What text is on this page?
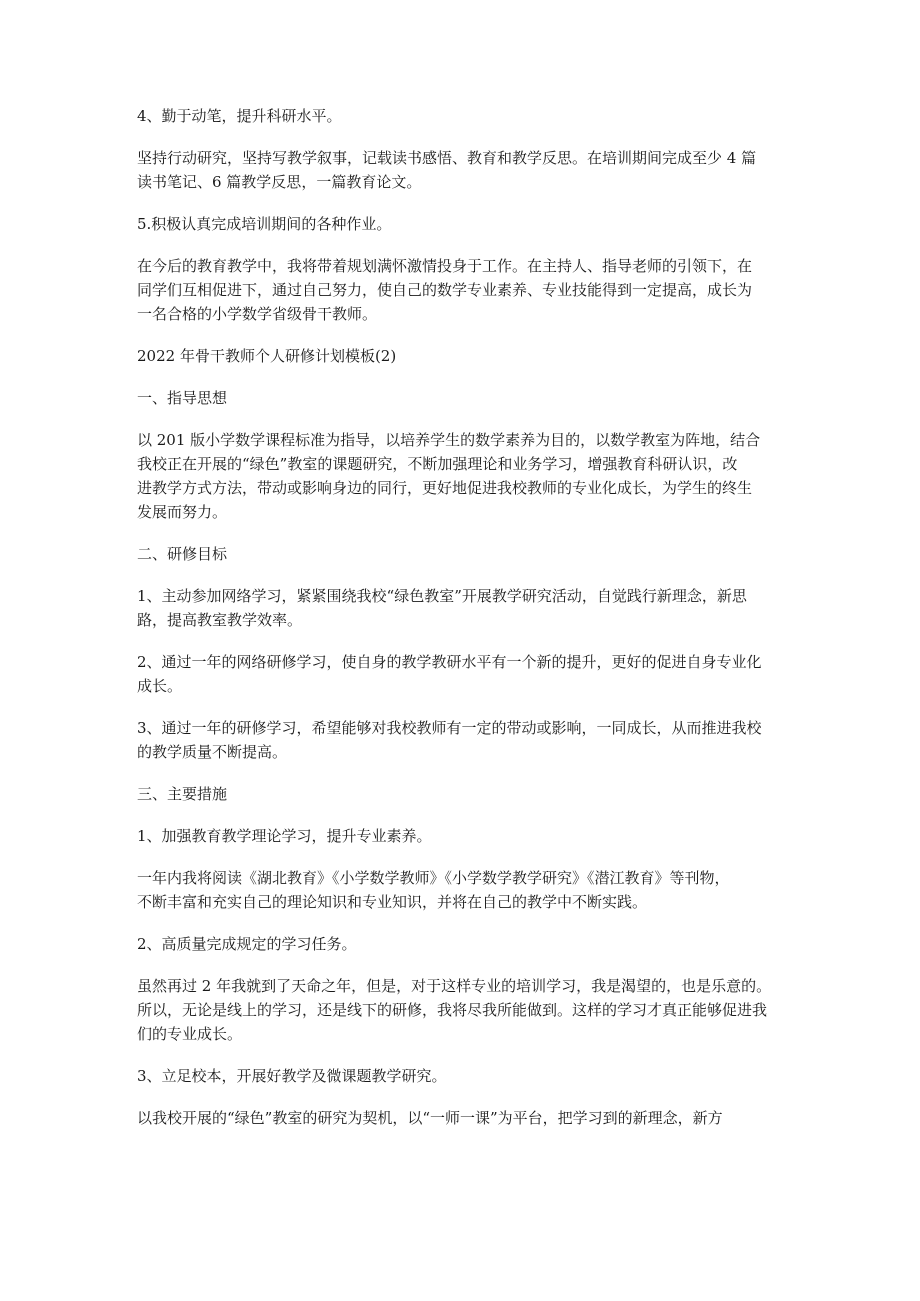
4、勤于动笔，提升科研水平。

坚持行动研究，坚持写教学叙事，记载读书感悟、教育和教学反思。在培训期间完成至少 4 篇
读书笔记、6 篇教学反思，一篇教育论文。

5.积极认真完成培训期间的各种作业。

在今后的教育教学中，我将带着规划满怀激情投身于工作。在主持人、指导老师的引领下，在
同学们互相促进下，通过自己努力，使自己的数学专业素养、专业技能得到一定提高，成长为
一名合格的小学数学省级骨干教师。

2022 年骨干教师个人研修计划模板(2)

一、指导思想

以 201 版小学数学课程标准为指导，以培养学生的数学素养为目的，以数学教室为阵地，结合
我校正在开展的“绿色”教室的课题研究，不断加强理论和业务学习，增强教育科研认识，改
进教学方式方法，带动或影响身边的同行，更好地促进我校教师的专业化成长，为学生的终生
发展而努力。

二、研修目标

1、主动参加网络学习，紧紧围绕我校“绿色教室”开展教学研究活动，自觉践行新理念，新思
路，提高教室教学效率。

2、通过一年的网络研修学习，使自身的教学教研水平有一个新的提升，更好的促进自身专业化
成长。

3、通过一年的研修学习，希望能够对我校教师有一定的带动或影响，一同成长，从而推进我校
的教学质量不断提高。

三、主要措施

1、加强教育教学理论学习，提升专业素养。

一年内我将阅读《湖北教育》《小学数学教师》《小学数学教学研究》《潜江教育》等刊物，
不断丰富和充实自己的理论知识和专业知识，并将在自己的教学中不断实践。

2、高质量完成规定的学习任务。

虽然再过 2 年我就到了天命之年，但是，对于这样专业的培训学习，我是渴望的，也是乐意的。
所以，无论是线上的学习，还是线下的研修，我将尽我所能做到。这样的学习才真正能够促进我
们的专业成长。

3、立足校本，开展好教学及微课题教学研究。

以我校开展的“绿色”教室的研究为契机，以“一师一课”为平台，把学习到的新理念，新方
